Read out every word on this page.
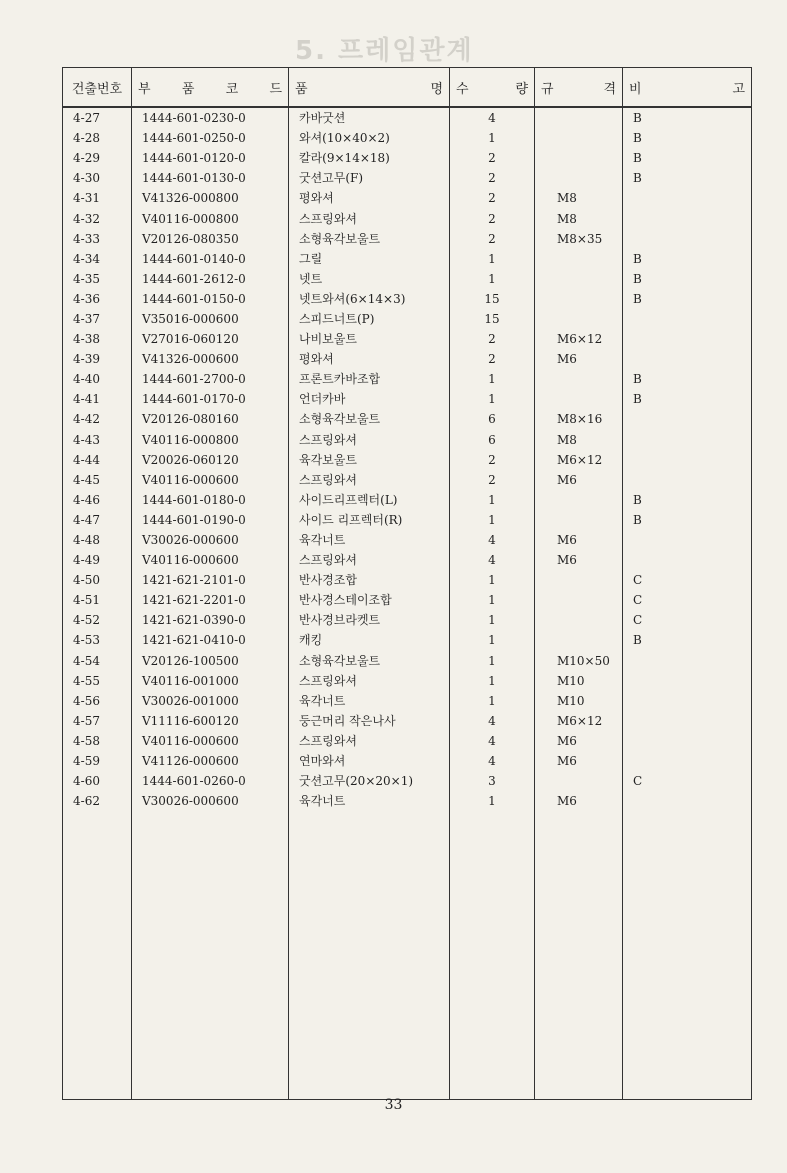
5. 프레임관계
건출번호	부 품 코 드	품 명	수 량	규 격	비 고

4-27	1444-601-0230-0	카바굿션	4		B
4-28	1444-601-0250-0	와셔(10×40×2)	1		B
4-29	1444-601-0120-0	칼라(9×14×18)	2		B
4-30	1444-601-0130-0	굿션고무(F)	2		B
4-31	V41326-000800	평와셔	2	M8	
4-32	V40116-000800	스프링와셔	2	M8	
4-33	V20126-080350	소형육각보울트	2	M8×35	
4-34	1444-601-0140-0	그릴	1		B
4-35	1444-601-2612-0	넷트	1		B
4-36	1444-601-0150-0	넷트와셔(6×14×3)	15		B
4-37	V35016-000600	스피드너트(P)	15		
4-38	V27016-060120	나비보울트	2	M6×12	
4-39	V41326-000600	평와셔	2	M6	
4-40	1444-601-2700-0	프론트카바조합	1		B
4-41	1444-601-0170-0	언더카바	1		B
4-42	V20126-080160	소형육각보울트	6	M8×16	
4-43	V40116-000800	스프링와셔	6	M8	
4-44	V20026-060120	육각보울트	2	M6×12	
4-45	V40116-000600	스프링와셔	2	M6	
4-46	1444-601-0180-0	사이드리프렉터(L)	1		B
4-47	1444-601-0190-0	사이드 리프렉터(R)	1		B
4-48	V30026-000600	육각너트	4	M6	
4-49	V40116-000600	스프링와셔	4	M6	
4-50	1421-621-2101-0	반사경조합	1		C
4-51	1421-621-2201-0	반사경스테이조합	1		C
4-52	1421-621-0390-0	반사경브라켓트	1		C
4-53	1421-621-0410-0	캐킹	1		B
4-54	V20126-100500	소형육각보울트	1	M10×50	
4-55	V40116-001000	스프링와셔	1	M10	
4-56	V30026-001000	육각너트	1	M10	
4-57	V11116-600120	둥근머리 작은나사	4	M6×12	
4-58	V40116-000600	스프링와셔	4	M6	
4-59	V41126-000600	연마와셔	4	M6	
4-60	1444-601-0260-0	굿션고무(20×20×1)	3		C
4-62	V30026-000600	육각너트	1	M6	

33
